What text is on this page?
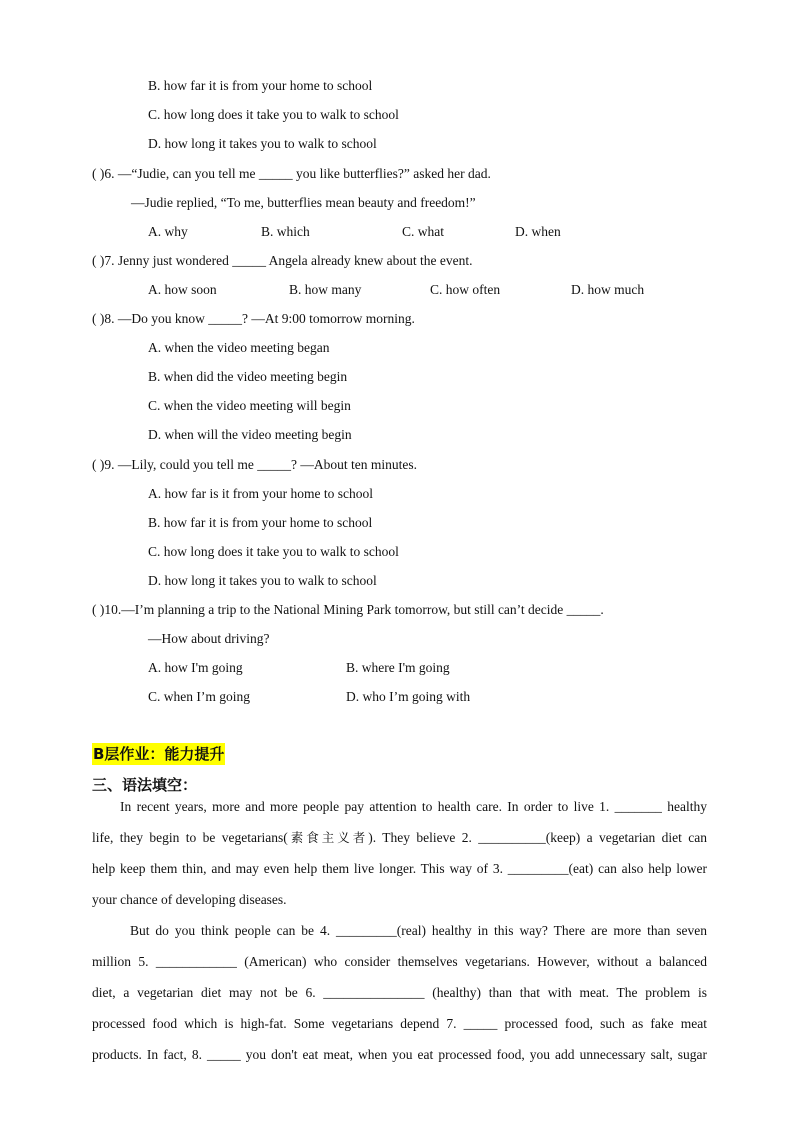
B. how far it is from your home to school
C. how long does it take you to walk to school
D. how long it takes you to walk to school
( )6. —“Judie, can you tell me _____ you like butterflies?” asked her dad.
—Judie replied, “To me, butterflies mean beauty and freedom!”
A. why	B. which	C. what	D. when
( )7. Jenny just wondered _____ Angela already knew about the event.
A. how soon	B. how many	C. how often	D. how much
( )8. —Do you know _____? —At 9:00 tomorrow morning.
A. when the video meeting began
B. when did the video meeting begin
C. when the video meeting will begin
D. when will the video meeting begin
( )9. —Lily, could you tell me _____? —About ten minutes.
A. how far is it from your home to school
B. how far it is from your home to school
C. how long does it take you to walk to school
D. how long it takes you to walk to school
( )10.—I’m planning a trip to the National Mining Park tomorrow, but still can’t decide _____.
—How about driving?
A. how I'm going	B. where I'm going
C. when I’m going	D. who I’m going with
B层作业：能力提升
三、语法填空：
In recent years, more and more people pay attention to health care. In order to live 1. _______ healthy
life, they begin to be vegetarians(素食主义者). They believe 2. __________(keep) a vegetarian diet can
help keep them thin, and may even help them live longer. This way of 3. _________(eat) can also help lower
your chance of developing diseases.
But do you think people can be 4. _________(real) healthy in this way? There are more than seven
million 5. ____________ (American) who consider themselves vegetarians. However, without a balanced
diet, a vegetarian diet may not be 6. _______________ (healthy) than that with meat. The problem is
processed food which is high-fat. Some vegetarians depend 7. _____ processed food, such as fake meat
products. In fact, 8. _____ you don't eat meat, when you eat processed food, you add unnecessary salt, sugar
